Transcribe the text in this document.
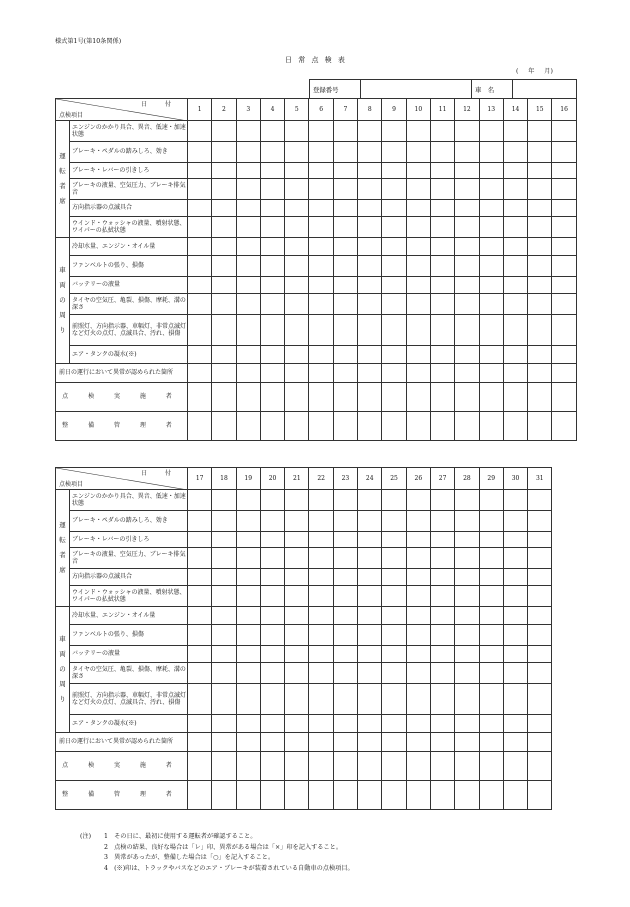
様式第1号(第10条関係)
日 常 点 検 表
(     年     月)
登録番号		車　名	
日 付
点検項目		1	2	3	4	5	6	7	8	9	10	11	12	13	14	15	16

運
転
者
席	エンジンのかかり具合、異音、低速・加速状態																
	ブレーキ・ペダルの踏みしろ、効き																
	ブレーキ・レバーの引きしろ																
	ブレーキの液量、空気圧力、ブレーキ排気音																
	方向指示器の点滅具合																
	ウインド・ウォッシャの液量、噴射状態、ワイパーの払拭状態																

車
両
の
周
り	冷却水量、エンジン・オイル量																
	ファンベルトの張り、損傷																
	バッテリーの液量																
	タイヤの空気圧、亀裂、損傷、摩耗、溝の深さ																
	前照灯、方向指示器、車幅灯、非常点滅灯など灯火の点灯、点滅具合、汚れ、損傷																
	エア・タンクの凝水(※)																
前日の運行において異常が認められた箇所																	
点 検 実 施 者																	
整 備 管 理 者																	
日 付
点検項目		17	18	19	20	21	22	23	24	25	26	27	28	29	30	31

運
転
者
席	エンジンのかかり具合、異音、低速・加速状態															
	ブレーキ・ペダルの踏みしろ、効き															
	ブレーキ・レバーの引きしろ															
	ブレーキの液量、空気圧力、ブレーキ排気音															
	方向指示器の点滅具合															
	ウインド・ウォッシャの液量、噴射状態、ワイパーの払拭状態															

車
両
の
周
り	冷却水量、エンジン・オイル量															
	ファンベルトの張り、損傷															
	バッテリーの液量															
	タイヤの空気圧、亀裂、損傷、摩耗、溝の深さ															
	前照灯、方向指示器、車幅灯、非常点滅灯など灯火の点灯、点滅具合、汚れ、損傷															
	エア・タンクの凝水(※)															
前日の運行において異常が認められた箇所																
点 検 実 施 者																
整 備 管 理 者																
(注)	1　その日に、最初に使用する運転者が確認すること。
2　点検の結果、良好な場合は「レ」印、異常がある場合は「×」印を記入すること。
3　異常があったが、整備した場合は「○」を記入すること。
4　(※)印は、トラックやバスなどのエア・ブレーキが装着されている自動車の点検項目。
